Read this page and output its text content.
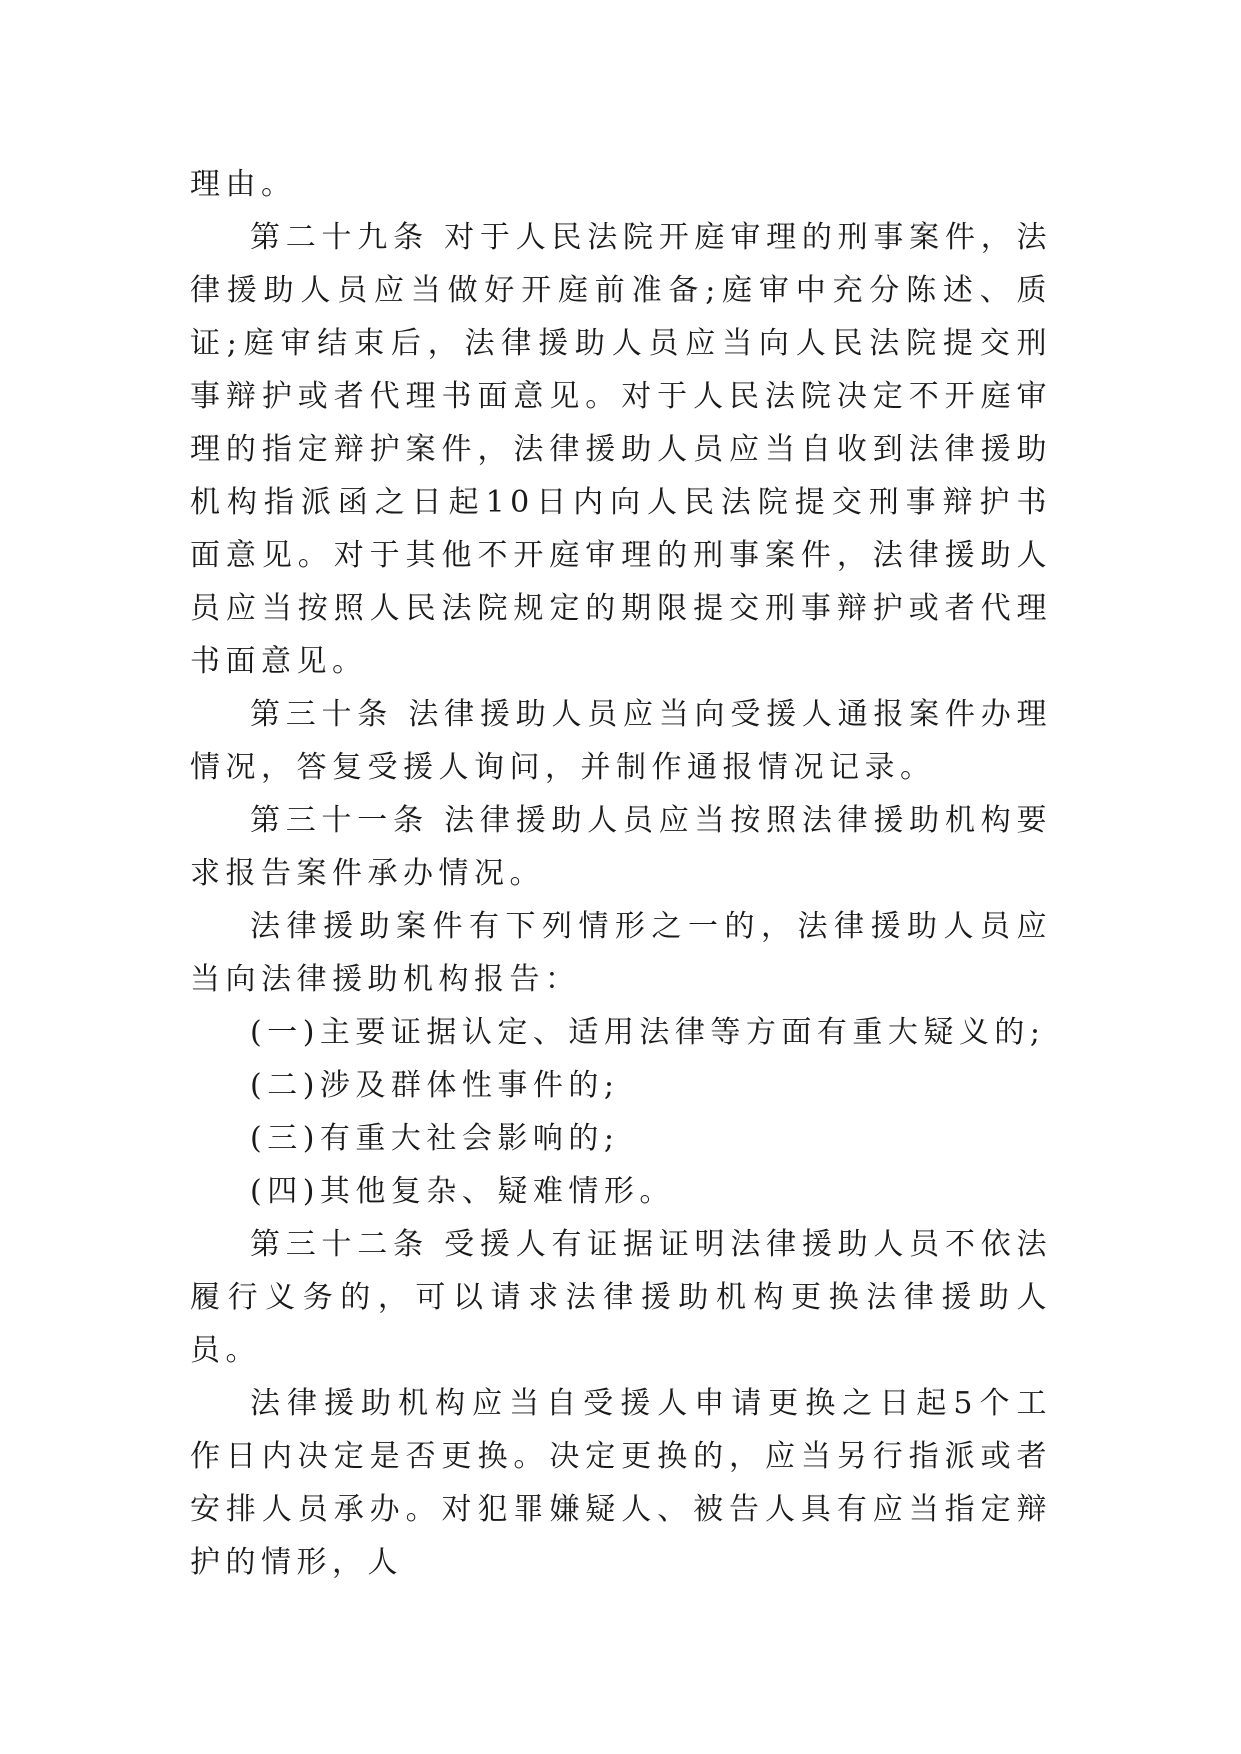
理由。

第二十九条 对于人民法院开庭审理的刑事案件，法律援助人员应当做好开庭前准备;庭审中充分陈述、质证;庭审结束后，法律援助人员应当向人民法院提交刑事辩护或者代理书面意见。对于人民法院决定不开庭审理的指定辩护案件，法律援助人员应当自收到法律援助机构指派函之日起10日内向人民法院提交刑事辩护书面意见。对于其他不开庭审理的刑事案件，法律援助人员应当按照人民法院规定的期限提交刑事辩护或者代理书面意见。

第三十条 法律援助人员应当向受援人通报案件办理情况，答复受援人询问，并制作通报情况记录。

第三十一条 法律援助人员应当按照法律援助机构要求报告案件承办情况。

法律援助案件有下列情形之一的，法律援助人员应当向法律援助机构报告：

(一)主要证据认定、适用法律等方面有重大疑义的;

(二)涉及群体性事件的;

(三)有重大社会影响的;

(四)其他复杂、疑难情形。

第三十二条 受援人有证据证明法律援助人员不依法履行义务的，可以请求法律援助机构更换法律援助人员。

法律援助机构应当自受援人申请更换之日起5个工作日内决定是否更换。决定更换的，应当另行指派或者安排人员承办。对犯罪嫌疑人、被告人具有应当指定辩护的情形，人
